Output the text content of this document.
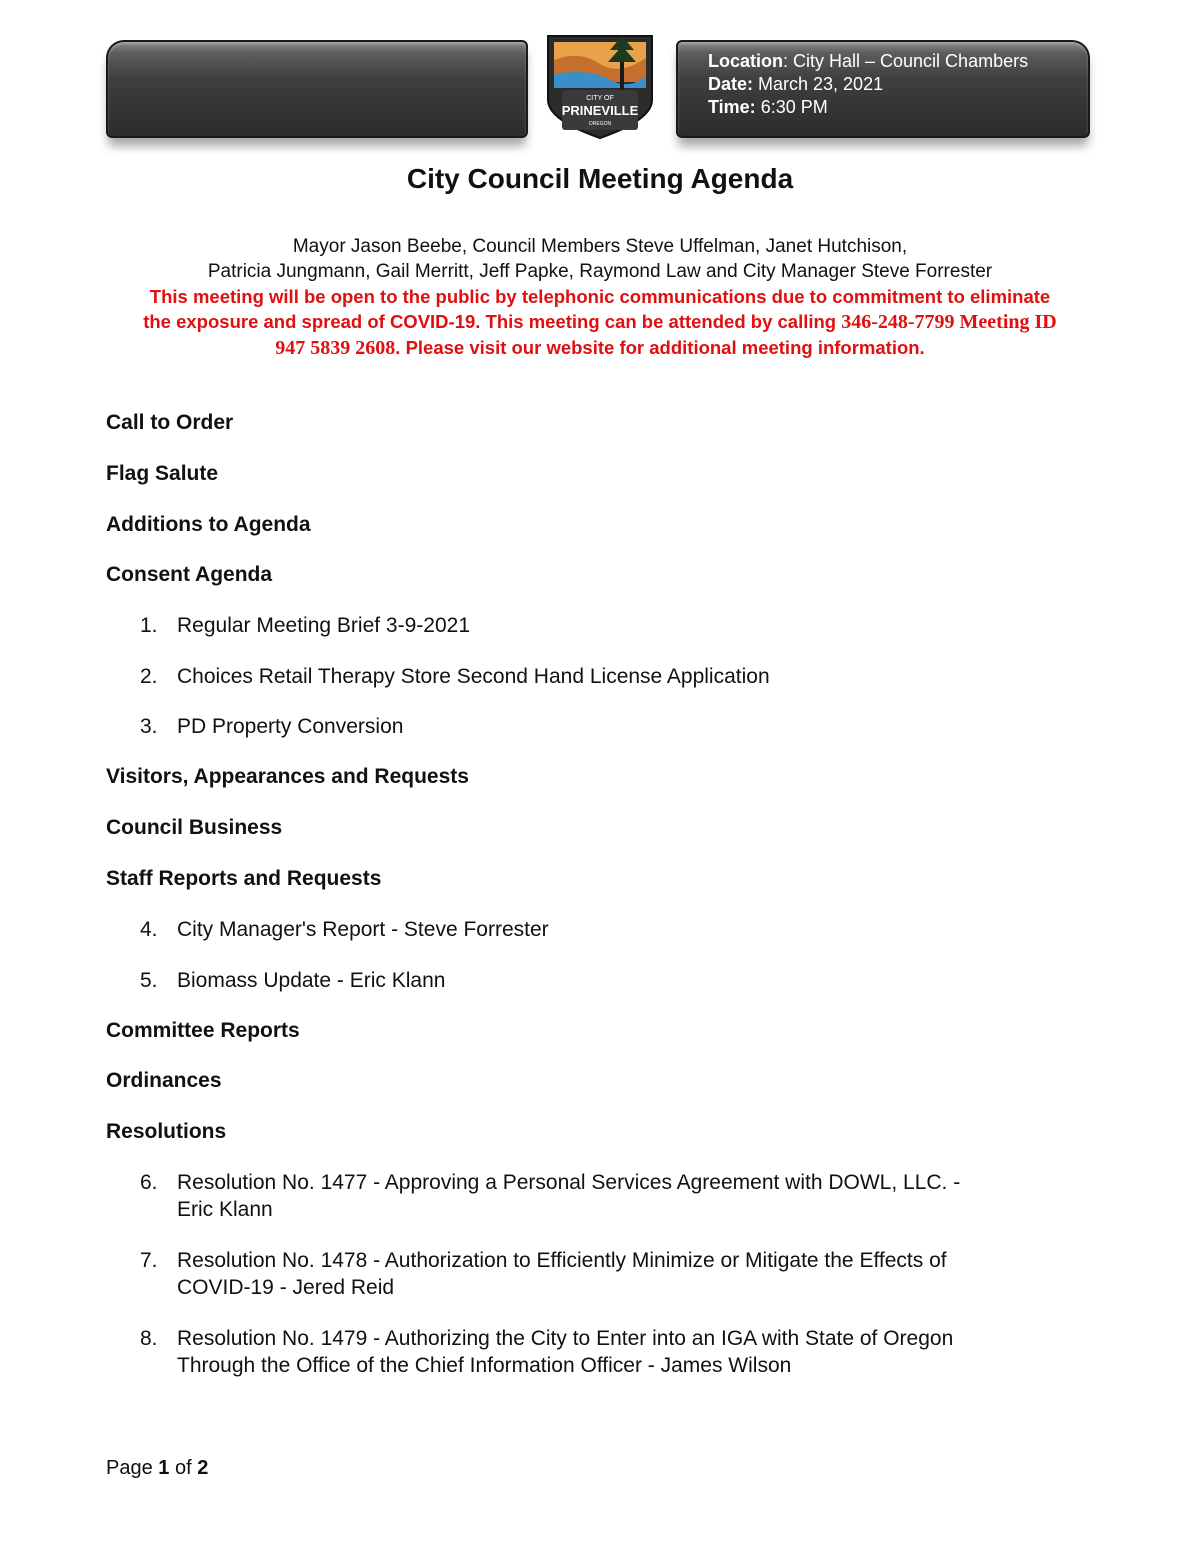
CITY OF
PRINEVILLE
OREGON
Location: City Hall – Council Chambers
Date: March 23, 2021
Time: 6:30 PM
City Council Meeting Agenda
Mayor Jason Beebe, Council Members Steve Uffelman, Janet Hutchison,
Patricia Jungmann, Gail Merritt, Jeff Papke, Raymond Law and City Manager Steve Forrester
This meeting will be open to the public by telephonic communications due to commitment to eliminate
the exposure and spread of COVID-19. This meeting can be attended by calling 346-248-7799 Meeting ID
947 5839 2608. Please visit our website for additional meeting information.
Call to Order
Flag Salute
Additions to Agenda
Consent Agenda
1. Regular Meeting Brief 3-9-2021
2. Choices Retail Therapy Store Second Hand License Application
3. PD Property Conversion
Visitors, Appearances and Requests
Council Business
Staff Reports and Requests
4. City Manager's Report - Steve Forrester
5. Biomass Update - Eric Klann
Committee Reports
Ordinances
Resolutions
6. Resolution No. 1477 - Approving a Personal Services Agreement with DOWL, LLC. -
Eric Klann
7. Resolution No. 1478 - Authorization to Efficiently Minimize or Mitigate the Effects of
COVID-19 - Jered Reid
8. Resolution No. 1479 - Authorizing the City to Enter into an IGA with State of Oregon
Through the Office of the Chief Information Officer - James Wilson
Page 1 of 2
